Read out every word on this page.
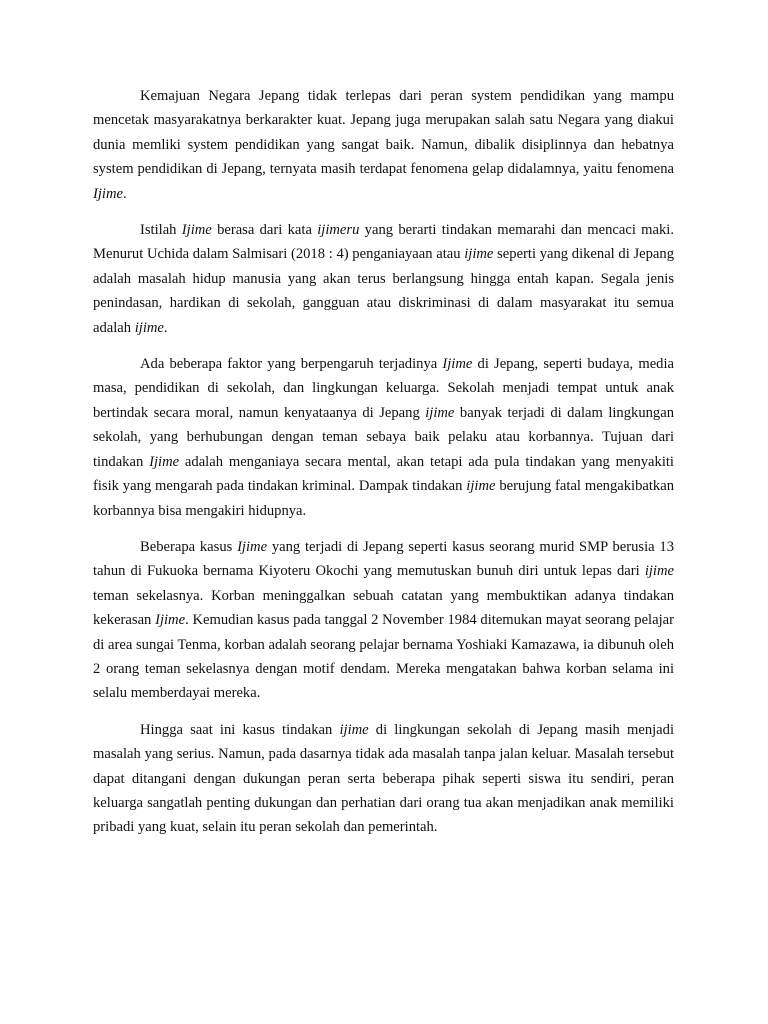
Kemajuan Negara Jepang tidak terlepas dari peran system pendidikan yang mampu mencetak masyarakatnya berkarakter kuat. Jepang juga merupakan salah satu Negara yang diakui dunia memliki system pendidikan yang sangat baik. Namun, dibalik disiplinnya dan hebatnya system pendidikan di Jepang, ternyata masih terdapat fenomena gelap didalamnya, yaitu fenomena Ijime.

Istilah Ijime berasa dari kata ijimeru yang berarti tindakan memarahi dan mencaci maki. Menurut Uchida dalam Salmisari (2018 : 4) penganiayaan atau ijime seperti yang dikenal di Jepang adalah masalah hidup manusia yang akan terus berlangsung hingga entah kapan. Segala jenis penindasan, hardikan di sekolah, gangguan atau diskriminasi di dalam masyarakat itu semua adalah ijime.

Ada beberapa faktor yang berpengaruh terjadinya Ijime di Jepang, seperti budaya, media masa, pendidikan di sekolah, dan lingkungan keluarga. Sekolah menjadi tempat untuk anak bertindak secara moral, namun kenyataanya di Jepang ijime banyak terjadi di dalam lingkungan sekolah, yang berhubungan dengan teman sebaya baik pelaku atau korbannya. Tujuan dari tindakan Ijime adalah menganiaya secara mental, akan tetapi ada pula tindakan yang menyakiti fisik yang mengarah pada tindakan kriminal. Dampak tindakan ijime berujung fatal mengakibatkan korbannya bisa mengakiri hidupnya.

Beberapa kasus Ijime yang terjadi di Jepang seperti kasus seorang murid SMP berusia 13 tahun di Fukuoka bernama Kiyoteru Okochi yang memutuskan bunuh diri untuk lepas dari ijime teman sekelasnya. Korban meninggalkan sebuah catatan yang membuktikan adanya tindakan kekerasan Ijime. Kemudian kasus pada tanggal 2 November 1984 ditemukan mayat seorang pelajar di area sungai Tenma, korban adalah seorang pelajar bernama Yoshiaki Kamazawa, ia dibunuh oleh 2 orang teman sekelasnya dengan motif dendam. Mereka mengatakan bahwa korban selama ini selalu memberdayai mereka.

Hingga saat ini kasus tindakan ijime di lingkungan sekolah di Jepang masih menjadi masalah yang serius. Namun, pada dasarnya tidak ada masalah tanpa jalan keluar. Masalah tersebut dapat ditangani dengan dukungan peran serta beberapa pihak seperti siswa itu sendiri, peran keluarga sangatlah penting dukungan dan perhatian dari orang tua akan menjadikan anak memiliki pribadi yang kuat, selain itu peran sekolah dan pemerintah.
